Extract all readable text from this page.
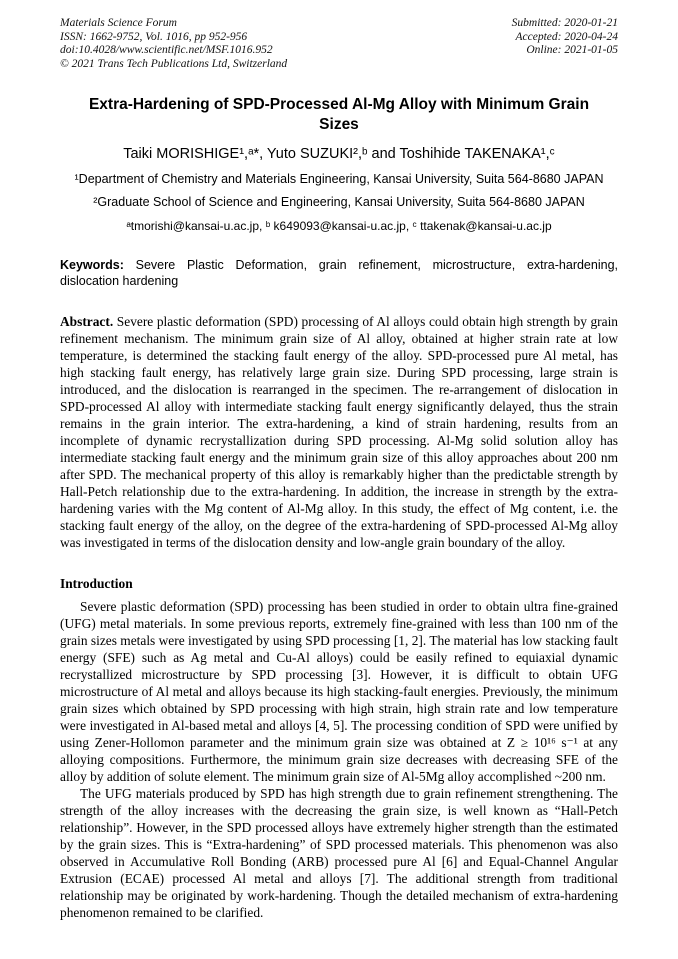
Materials Science Forum
ISSN: 1662-9752, Vol. 1016, pp 952-956
doi:10.4028/www.scientific.net/MSF.1016.952
© 2021 Trans Tech Publications Ltd, Switzerland
Submitted: 2020-01-21
Accepted: 2020-04-24
Online: 2021-01-05
Extra-Hardening of SPD-Processed Al-Mg Alloy with Minimum Grain Sizes
Taiki MORISHIGE¹,ᵃ*, Yuto SUZUKI²,ᵇ and Toshihide TAKENAKA¹,ᶜ
¹Department of Chemistry and Materials Engineering, Kansai University, Suita 564-8680 JAPAN
²Graduate School of Science and Engineering, Kansai University, Suita 564-8680 JAPAN
ᵃtmorishi@kansai-u.ac.jp, ᵇ k649093@kansai-u.ac.jp, ᶜ ttakenak@kansai-u.ac.jp

Keywords: Severe Plastic Deformation, grain refinement, microstructure, extra-hardening, dislocation hardening

Abstract. Severe plastic deformation (SPD) processing of Al alloys could obtain high strength by grain refinement mechanism. The minimum grain size of Al alloy, obtained at higher strain rate at low temperature, is determined the stacking fault energy of the alloy. SPD-processed pure Al metal, has high stacking fault energy, has relatively large grain size. During SPD processing, large strain is introduced, and the dislocation is rearranged in the specimen. The re-arrangement of dislocation in SPD-processed Al alloy with intermediate stacking fault energy significantly delayed, thus the strain remains in the grain interior. The extra-hardening, a kind of strain hardening, results from an incomplete of dynamic recrystallization during SPD processing. Al-Mg solid solution alloy has intermediate stacking fault energy and the minimum grain size of this alloy approaches about 200 nm after SPD. The mechanical property of this alloy is remarkably higher than the predictable strength by Hall-Petch relationship due to the extra-hardening. In addition, the increase in strength by the extra-hardening varies with the Mg content of Al-Mg alloy. In this study, the effect of Mg content, i.e. the stacking fault energy of the alloy, on the degree of the extra-hardening of SPD-processed Al-Mg alloy was investigated in terms of the dislocation density and low-angle grain boundary of the alloy.

Introduction

Severe plastic deformation (SPD) processing has been studied in order to obtain ultra fine-grained (UFG) metal materials. In some previous reports, extremely fine-grained with less than 100 nm of the grain sizes metals were investigated by using SPD processing [1, 2]. The material has low stacking fault energy (SFE) such as Ag metal and Cu-Al alloys) could be easily refined to equiaxial dynamic recrystallized microstructure by SPD processing [3]. However, it is difficult to obtain UFG microstructure of Al metal and alloys because its high stacking-fault energies. Previously, the minimum grain sizes which obtained by SPD processing with high strain, high strain rate and low temperature were investigated in Al-based metal and alloys [4, 5]. The processing condition of SPD were unified by using Zener-Hollomon parameter and the minimum grain size was obtained at Z ≥ 10¹⁶ s⁻¹ at any alloying compositions. Furthermore, the minimum grain size decreases with decreasing SFE of the alloy by addition of solute element. The minimum grain size of Al-5Mg alloy accomplished ~200 nm.

The UFG materials produced by SPD has high strength due to grain refinement strengthening. The strength of the alloy increases with the decreasing the grain size, is well known as “Hall-Petch relationship”. However, in the SPD processed alloys have extremely higher strength than the estimated by the grain sizes. This is “Extra-hardening” of SPD processed materials. This phenomenon was also observed in Accumulative Roll Bonding (ARB) processed pure Al [6] and Equal-Channel Angular Extrusion (ECAE) processed Al metal and alloys [7]. The additional strength from traditional relationship may be originated by work-hardening. Though the detailed mechanism of extra-hardening phenomenon remained to be clarified.
